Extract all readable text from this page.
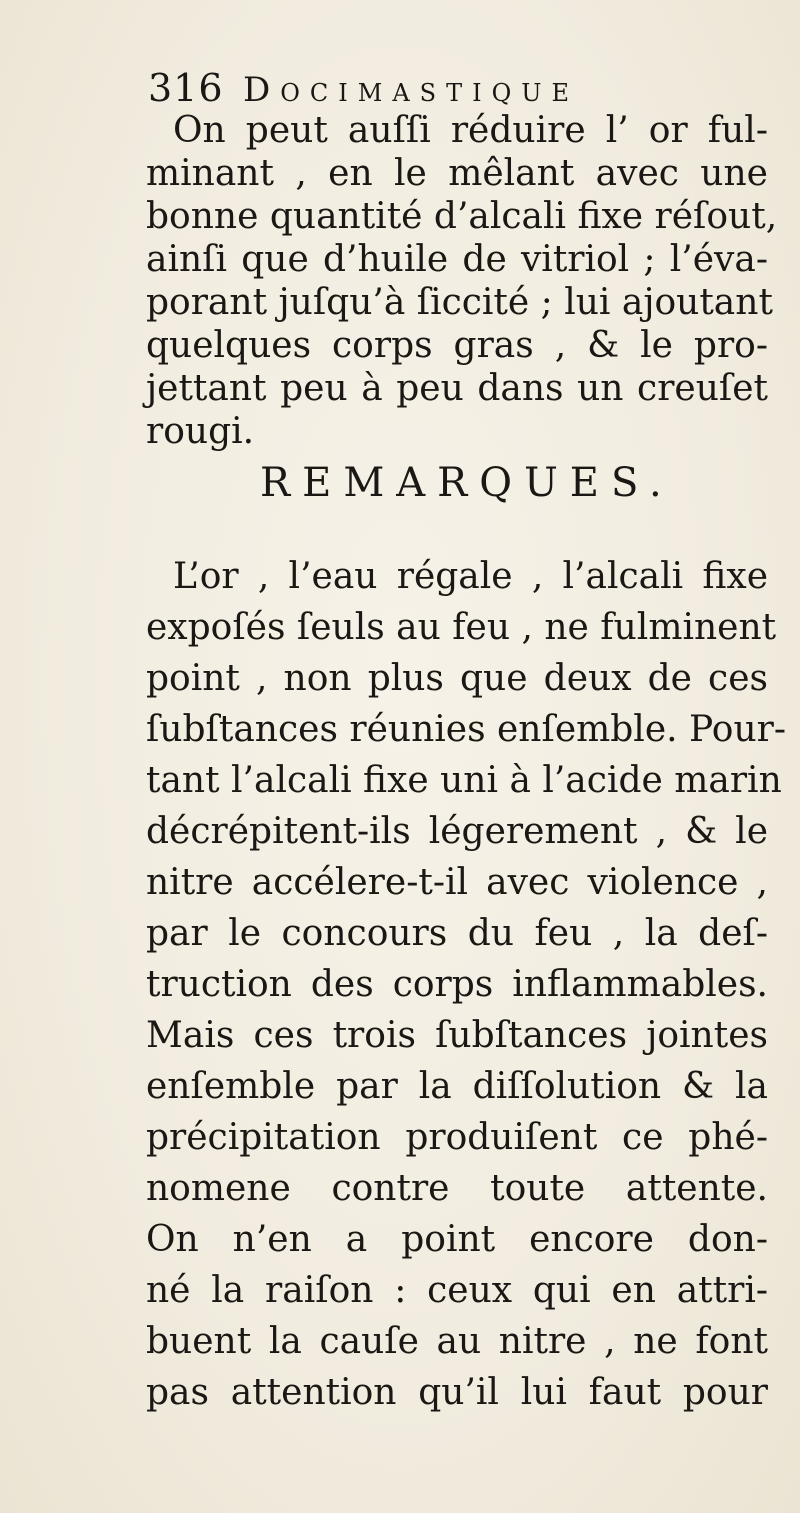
316 Docimastique
On peut auſſi réduire l’ or ful-
minant , en le mêlant avec une
bonne quantité d’alcali fixe réſout,
ainſi que d’huile de vitriol ; l’éva-
porant juſqu’à ſiccité ; lui ajoutant
quelques corps gras , & le pro-
jettant peu à peu dans un creuſet
rougi.
REMARQUES.
L’or , l’eau régale , l’alcali fixe
expoſés ſeuls au feu , ne fulminent
point , non plus que deux de ces
ſubſtances réunies enſemble. Pour-
tant l’alcali fixe uni à l’acide marin
décrépitent-ils légerement , & le
nitre accélere-t-il avec violence ,
par le concours du feu , la deſ-
truction des corps inflammables.
Mais ces trois ſubſtances jointes
enſemble par la diſſolution & la
précipitation produiſent ce phé-
nomene contre toute attente.
On n’en a point encore don-
né la raiſon : ceux qui en attri-
buent la cauſe au nitre , ne font
pas attention qu’il lui faut pour
